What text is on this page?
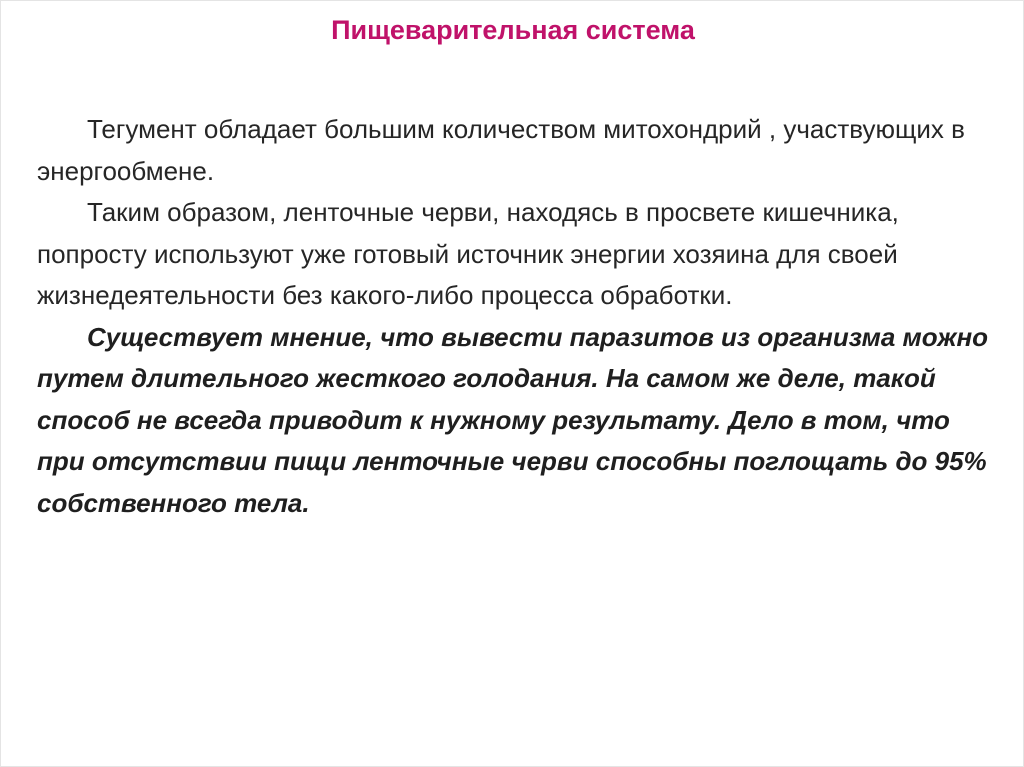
Пищеварительная система

Тегумент обладает большим количеством митохондрий , участвующих в энергообмене.

Таким образом, ленточные черви, находясь в просвете кишечника, попросту используют уже готовый источник энергии хозяина для своей жизнедеятельности без какого-либо процесса обработки.

Существует мнение, что вывести паразитов из организма можно путем длительного жесткого голодания. На самом же деле, такой способ не всегда приводит к нужному результату. Дело в том, что при отсутствии пищи ленточные черви способны поглощать до 95% собственного тела.
